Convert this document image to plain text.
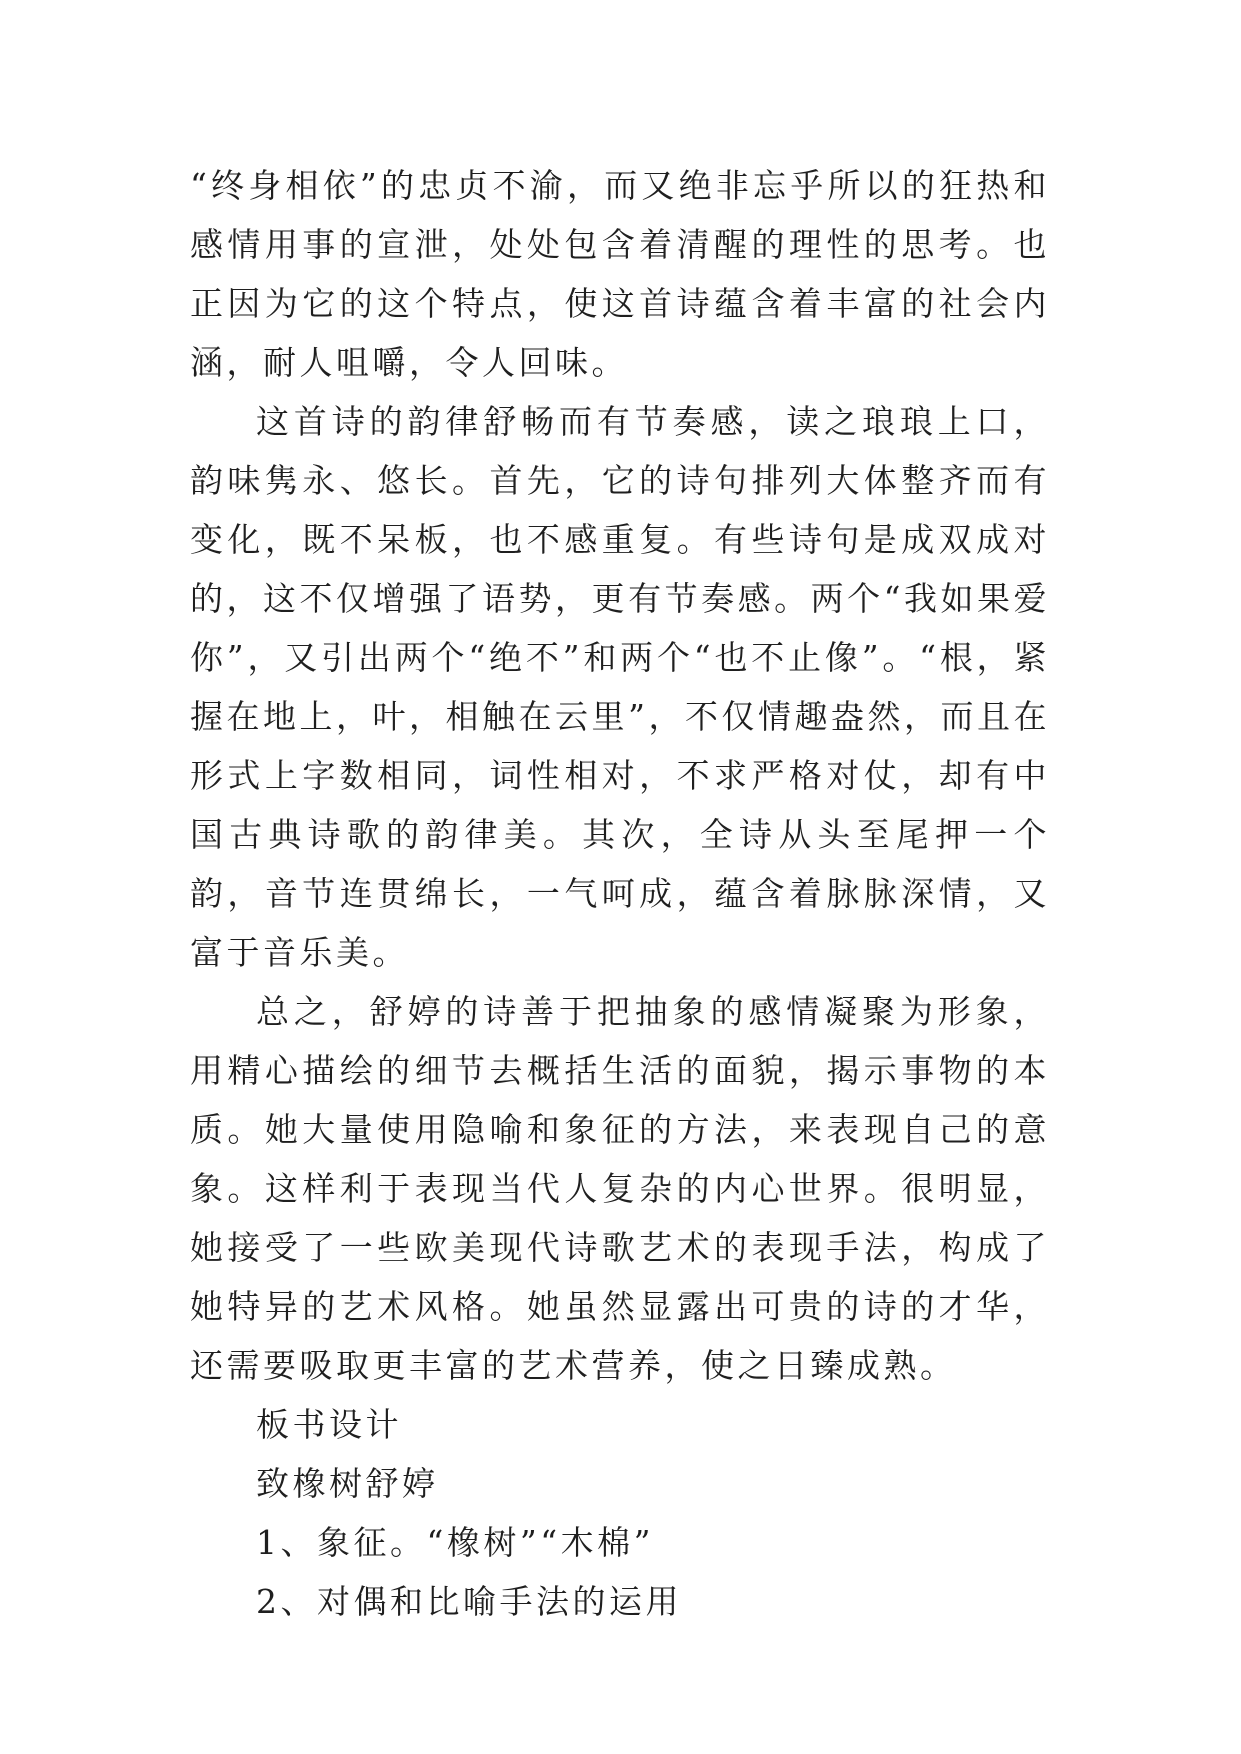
“终身相依”的忠贞不渝，而又绝非忘乎所以的狂热和感情用事的宣泄，处处包含着清醒的理性的思考。也正因为它的这个特点，使这首诗蕴含着丰富的社会内涵，耐人咀嚼，令人回味。

这首诗的韵律舒畅而有节奏感，读之琅琅上口，韵味隽永、悠长。首先，它的诗句排列大体整齐而有变化，既不呆板，也不感重复。有些诗句是成双成对的，这不仅增强了语势，更有节奏感。两个“我如果爱你”，又引出两个“绝不”和两个“也不止像”。“根，紧握在地上，叶，相触在云里”，不仅情趣盎然，而且在形式上字数相同，词性相对，不求严格对仗，却有中国古典诗歌的韵律美。其次，全诗从头至尾押一个韵，音节连贯绵长，一气呵成，蕴含着脉脉深情，又富于音乐美。

总之，舒婷的诗善于把抽象的感情凝聚为形象，用精心描绘的细节去概括生活的面貌，揭示事物的本质。她大量使用隐喻和象征的方法，来表现自己的意象。这样利于表现当代人复杂的内心世界。很明显，她接受了一些欧美现代诗歌艺术的表现手法，构成了她特异的艺术风格。她虽然显露出可贵的诗的才华，还需要吸取更丰富的艺术营养，使之日臻成熟。

板书设计

致橡树舒婷

1、象征。“橡树”“木棉”

2、对偶和比喻手法的运用
